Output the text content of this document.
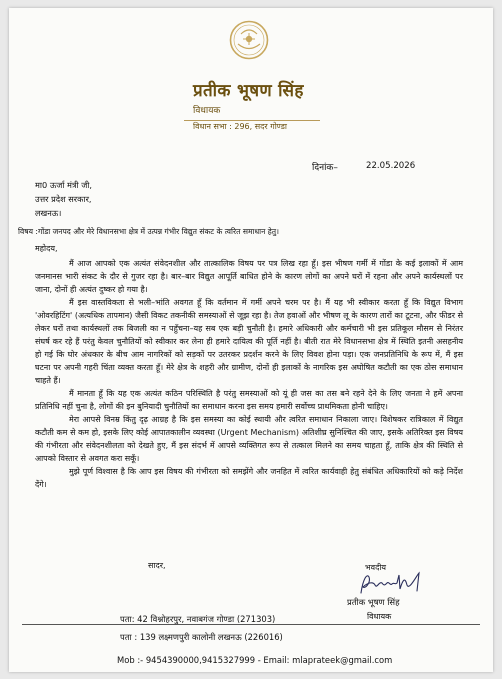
प्रतीक भूषण सिंह
विधायक
विधान सभा : 296, सदर गोण्डा
दिनांक–	22.05.2026
मा0 ऊर्जा मंत्री जी,
उत्तर प्रदेश सरकार,
लखनऊ।
विषय :गोंडा जनपद और मेरे विधानसभा क्षेत्र में उत्पन्न गंभीर विद्युत संकट के त्वरित समाधान हेतु।
महोदय,

मैं आज आपको एक अत्यंत संवेदनशील और तात्कालिक विषय पर पत्र लिख रहा हूँ। इस भीषण गर्मी में गोंडा के कई इलाकों में आम जनमानस भारी संकट के दौर से गुजर रहा है। बार–बार विद्युत आपूर्ति बाधित होने के कारण लोगों का अपने घरों में रहना और अपने कार्यस्थलों पर जाना, दोनों ही अत्यंत दुष्कर हो गया है।

मैं इस वास्तविकता से भली–भांति अवगत हूँ कि वर्तमान में गर्मी अपने चरम पर है। मैं यह भी स्वीकार करता हूँ कि विद्युत विभाग 'ओवरहिटिंग' (अत्यधिक तापमान) जैसी विकट तकनीकी समस्याओं से जूझ रहा है। तेज हवाओं और भीषण लू के कारण तारों का टूटना, और फीडर से लेकर घरों तथा कार्यस्थलों तक बिजली का न पहुँचना–यह सब एक बड़ी चुनौती है। हमारे अधिकारी और कर्मचारी भी इस प्रतिकूल मौसम से निरंतर संघर्ष कर रहे हैं परंतु केवल चुनौतियों को स्वीकार कर लेना ही हमारे दायित्व की पूर्ति नहीं है। बीती रात मेरे विधानसभा क्षेत्र में स्थिति इतनी असहनीय हो गई कि घोर अंधकार के बीच आम नागरिकों को सड़कों पर उतरकर प्रदर्शन करने के लिए विवश होना पड़ा। एक जनप्रतिनिधि के रूप में, मैं इस घटना पर अपनी गहरी चिंता व्यक्त करता हूँ। मेरे क्षेत्र के शहरी और ग्रामीण, दोनों ही इलाकों के नागरिक इस अघोषित कटौती का एक ठोस समाधान चाहते हैं।

मैं मानता हूँ कि यह एक अत्यंत कठिन परिस्थिति है परंतु समस्याओं को यूं ही जस का तस बने रहने देने के लिए जनता ने हमें अपना प्रतिनिधि नहीं चुना है, लोगों की इन बुनियादी चुनौतियों का समाधान करना इस समय हमारी सर्वोच्च प्राथमिकता होनी चाहिए।

मेरा आपसे विनम्र किंतु दृढ़ आग्रह है कि इस समस्या का कोई स्थायी और त्वरित समाधान निकाला जाए। विशेषकर रात्रिकाल में विद्युत कटौती कम से कम हो, इसके लिए कोई आपातकालीन व्यवस्था (Urgent Mechanism) अतिशीघ्र सुनिश्चित की जाए, इसके अतिरिक्त इस विषय की गंभीरता और संवेदनशीलता को देखते हुए, मैं इस संदर्भ में आपसे व्यक्तिगत रूप से तत्काल मिलने का समय चाहता हूँ, ताकि क्षेत्र की स्थिति से आपको विस्तार से अवगत करा सकूँ।

मुझे पूर्ण विश्वास है कि आप इस विषय की गंभीरता को समझेंगे और जनहित में त्वरित कार्यवाही हेतु संबंधित अधिकारियों को कड़े निर्देश देंगे।

सादर,	भवदीय
प्रतीक भूषण सिंह
विधायक
पता: 42 विश्नोहरपुर, नवाबगंज गोण्डा (271303)
पता : 139 लक्ष्मणपुरी कालोनी लखनऊ (226016)
Mob :- 9454390000,9415327999 - Email: mlaprateek@gmail.com
